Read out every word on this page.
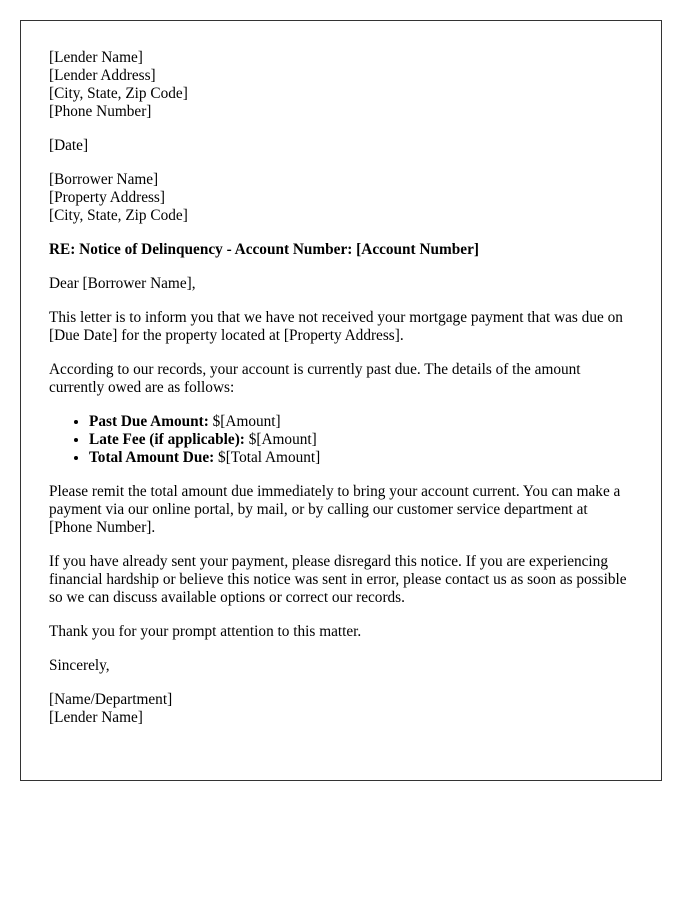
[Lender Name]
[Lender Address]
[City, State, Zip Code]
[Phone Number]

[Date]

[Borrower Name]
[Property Address]
[City, State, Zip Code]

RE: Notice of Delinquency - Account Number: [Account Number]

Dear [Borrower Name],

This letter is to inform you that we have not received your mortgage payment that was due on [Due Date] for the property located at [Property Address].

According to our records, your account is currently past due. The details of the amount currently owed are as follows:

• Past Due Amount: $[Amount]
• Late Fee (if applicable): $[Amount]
• Total Amount Due: $[Total Amount]

Please remit the total amount due immediately to bring your account current. You can make a payment via our online portal, by mail, or by calling our customer service department at [Phone Number].

If you have already sent your payment, please disregard this notice. If you are experiencing financial hardship or believe this notice was sent in error, please contact us as soon as possible so we can discuss available options or correct our records.

Thank you for your prompt attention to this matter.

Sincerely,

[Name/Department]
[Lender Name]
